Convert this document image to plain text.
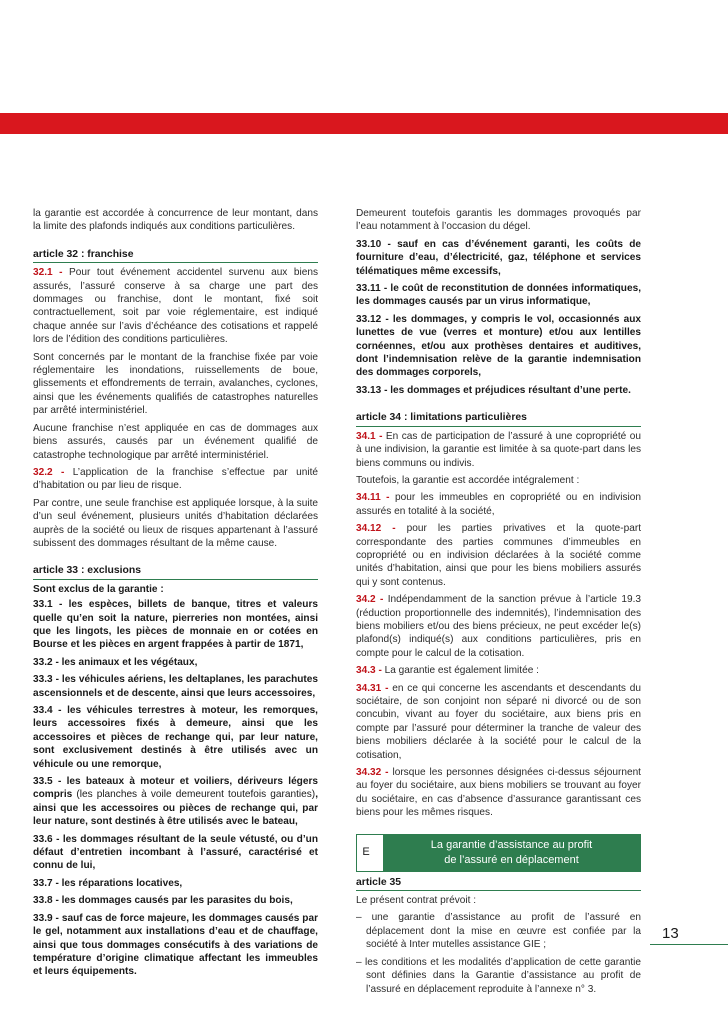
la garantie est accordée à concurrence de leur montant, dans la limite des plafonds indiqués aux conditions particulières.

article 32 : franchise

32.1 - Pour tout événement accidentel survenu aux biens assurés, l’assuré conserve à sa charge une part des dommages ou franchise, dont le montant, fixé soit contractuellement, soit par voie réglementaire, est indiqué chaque année sur l’avis d’échéance des cotisations et rappelé lors de l’édition des conditions particulières.

Sont concernés par le montant de la franchise fixée par voie réglementaire les inondations, ruissellements de boue, glissements et effondrements de terrain, avalanches, cyclones, ainsi que les événements qualifiés de catastrophes naturelles par arrêté interministériel.

Aucune franchise n’est appliquée en cas de dommages aux biens assurés, causés par un événement qualifié de catastrophe technologique par arrêté interministériel.

32.2 - L’application de la franchise s’effectue par unité d’habitation ou par lieu de risque.

Par contre, une seule franchise est appliquée lorsque, à la suite d’un seul événement, plusieurs unités d’habitation déclarées auprès de la société ou lieux de risques appartenant à l’assuré subissent des dommages résultant de la même cause.

article 33 : exclusions

Sont exclus de la garantie :

33.1 - les espèces, billets de banque, titres et valeurs quelle qu’en soit la nature, pierreries non montées, ainsi que les lingots, les pièces de monnaie en or cotées en Bourse et les pièces en argent frappées à partir de 1871,

33.2 - les animaux et les végétaux,

33.3 - les véhicules aériens, les deltaplanes, les parachutes ascensionnels et de descente, ainsi que leurs accessoires,

33.4 - les véhicules terrestres à moteur, les remorques, leurs accessoires fixés à demeure, ainsi que les accessoires et pièces de rechange qui, par leur nature, sont exclusivement destinés à être utilisés avec un véhicule ou une remorque,

33.5 - les bateaux à moteur et voiliers, dériveurs légers compris (les planches à voile demeurent toutefois garanties), ainsi que les accessoires ou pièces de rechange qui, par leur nature, sont destinés à être utilisés avec le bateau,

33.6 - les dommages résultant de la seule vétusté, ou d’un défaut d’entretien incombant à l’assuré, caractérisé et connu de lui,

33.7 - les réparations locatives,

33.8 - les dommages causés par les parasites du bois,

33.9 - sauf cas de force majeure, les dommages causés par le gel, notamment aux installations d’eau et de chauffage, ainsi que tous dommages consécutifs à des variations de température d’origine climatique affectant les immeubles et leurs équipements.

Demeurent toutefois garantis les dommages provoqués par l’eau notamment à l’occasion du dégel.

33.10 - sauf en cas d’événement garanti, les coûts de fourniture d’eau, d’électricité, gaz, téléphone et services télématiques même excessifs,

33.11 - le coût de reconstitution de données informatiques, les dommages causés par un virus informatique,

33.12 - les dommages, y compris le vol, occasionnés aux lunettes de vue (verres et monture) et/ou aux lentilles cornéennes, et/ou aux prothèses dentaires et auditives, dont l’indemnisation relève de la garantie indemnisation des dommages corporels,

33.13 - les dommages et préjudices résultant d’une perte.

article 34 : limitations particulières

34.1 - En cas de participation de l’assuré à une copropriété ou à une indivision, la garantie est limitée à sa quote-part dans les biens communs ou indivis.

Toutefois, la garantie est accordée intégralement :

34.11 - pour les immeubles en copropriété ou en indivision assurés en totalité à la société,

34.12 - pour les parties privatives et la quote-part correspondante des parties communes d’immeubles en copropriété ou en indivision déclarées à la société comme unités d’habitation, ainsi que pour les biens mobiliers assurés qui y sont contenus.

34.2 - Indépendamment de la sanction prévue à l’article 19.3 (réduction proportionnelle des indemnités), l’indemnisation des biens mobiliers et/ou des biens précieux, ne peut excéder le(s) plafond(s) indiqué(s) aux conditions particulières, pris en compte pour le calcul de la cotisation.

34.3 - La garantie est également limitée :

34.31 - en ce qui concerne les ascendants et descendants du sociétaire, de son conjoint non séparé ni divorcé ou de son concubin, vivant au foyer du sociétaire, aux biens pris en compte par l’assuré pour déterminer la tranche de valeur des biens mobiliers déclarée à la société pour le calcul de la cotisation,

34.32 - lorsque les personnes désignées ci-dessus séjournent au foyer du sociétaire, aux biens mobiliers se trouvant au foyer du sociétaire, en cas d’absence d’assurance garantissant ces biens pour les mêmes risques.

E
La garantie d’assistance au profit
de l’assuré en déplacement
article 35

Le présent contrat prévoit :

– une garantie d’assistance au profit de l’assuré en déplacement dont la mise en œuvre est confiée par la société à Inter mutelles assistance GIE ;

– les conditions et les modalités d’application de cette garantie sont définies dans la Garantie d’assistance au profit de l’assuré en déplacement reproduite à l’annexe n° 3.

13
